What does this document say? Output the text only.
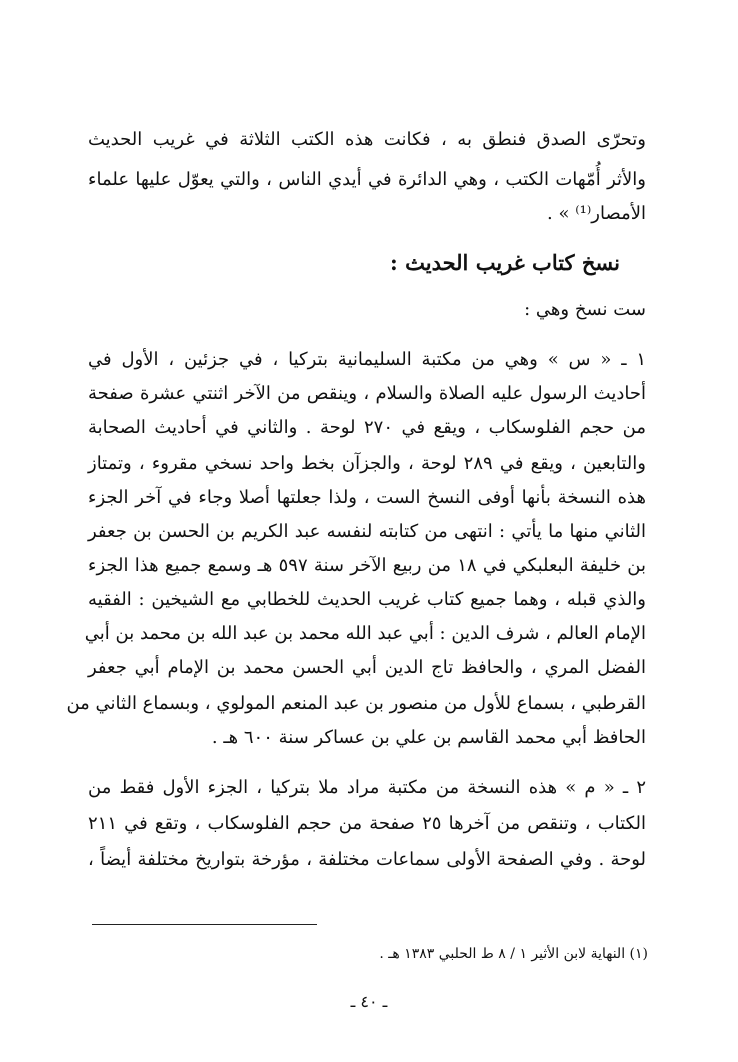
وتحرّى الصدق فنطق به ، فكانت هذه الكتب الثلاثة في غريب الحديث
والأثر أُمّهات الكتب ، وهي الدائرة في أيدي الناس ، والتي يعوّل عليها علماء
الأمصار⁽¹⁾ » .
نسخ كتاب غريب الحديث :
ست نسخ وهي :
١ ـ « س » وهي من مكتبة السليمانية بتركيا ، في جزئين ، الأول في
أحاديث الرسول عليه الصلاة والسلام ، وينقص من الآخر اثنتي عشرة صفحة
من حجم الفلوسكاب ، ويقع في ٢٧٠ لوحة . والثاني في أحاديث الصحابة
والتابعين ، ويقع في ٢٨٩ لوحة ، والجزآن بخط واحد نسخي مقروء ، وتمتاز
هذه النسخة بأنها أوفى النسخ الست ، ولذا جعلتها أصلا وجاء في آخر الجزء
الثاني منها ما يأتي : انتهى من كتابته لنفسه عبد الكريم بن الحسن بن جعفر
بن خليفة البعلبكي في ١٨ من ربيع الآخر سنة ٥٩٧ هـ وسمع جميع هذا الجزء
والذي قبله ، وهما جميع كتاب غريب الحديث للخطابي مع الشيخين : الفقيه
الإمام العالم ، شرف الدين : أبي عبد الله محمد بن عبد الله بن محمد بن أبي
الفضل المري ، والحافظ تاج الدين أبي الحسن محمد بن الإمام أبي جعفر
القرطبي ، بسماع للأول من منصور بن عبد المنعم المولوي ، وبسماع الثاني من
الحافظ أبي محمد القاسم بن علي بن عساكر سنة ٦٠٠ هـ .
٢ ـ « م » هذه النسخة من مكتبة مراد ملا بتركيا ، الجزء الأول فقط من
الكتاب ، وتنقص من آخرها ٢٥ صفحة من حجم الفلوسكاب ، وتقع في ٢١١
لوحة . وفي الصفحة الأولى سماعات مختلفة ، مؤرخة بتواريخ مختلفة أيضاً ،
(١) النهاية لابن الأثير ١ / ٨ ط الحلبي ١٣٨٣ هـ .
ـ ٤٠ ـ
